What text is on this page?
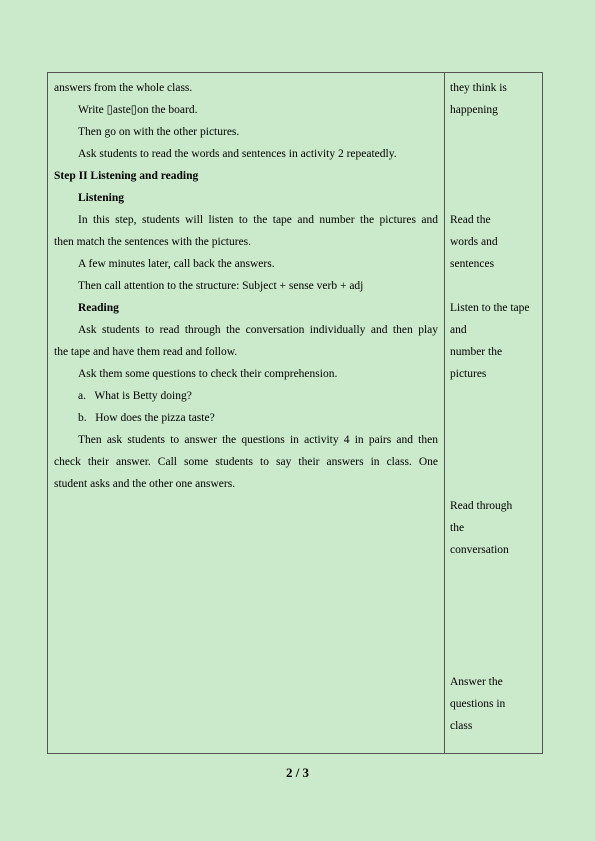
answers from the whole class.
Write ▯aste▯on the board.
Then go on with the other pictures.
Ask students to read the words and sentences in activity 2 repeatedly.
Step II Listening and reading
Listening
In this step, students will listen to the tape and number the pictures and
then match the sentences with the pictures.
A few minutes later, call back the answers.
Then call attention to the structure: Subject + sense verb + adj
Reading
Ask students to read through the conversation individually and then play
the tape and have them read and follow.
Ask them some questions to check their comprehension.
a.   What is Betty doing?
b.   How does the pizza taste?
Then ask students to answer the questions in activity 4 in pairs and then
check their answer. Call some students to say their answers in class. One
student asks and the other one answers.
they think is
happening
Read the
words and
sentences
Listen to the tape
and
number the
pictures
Read through
the
conversation
Answer the
questions in
class
2 / 3
